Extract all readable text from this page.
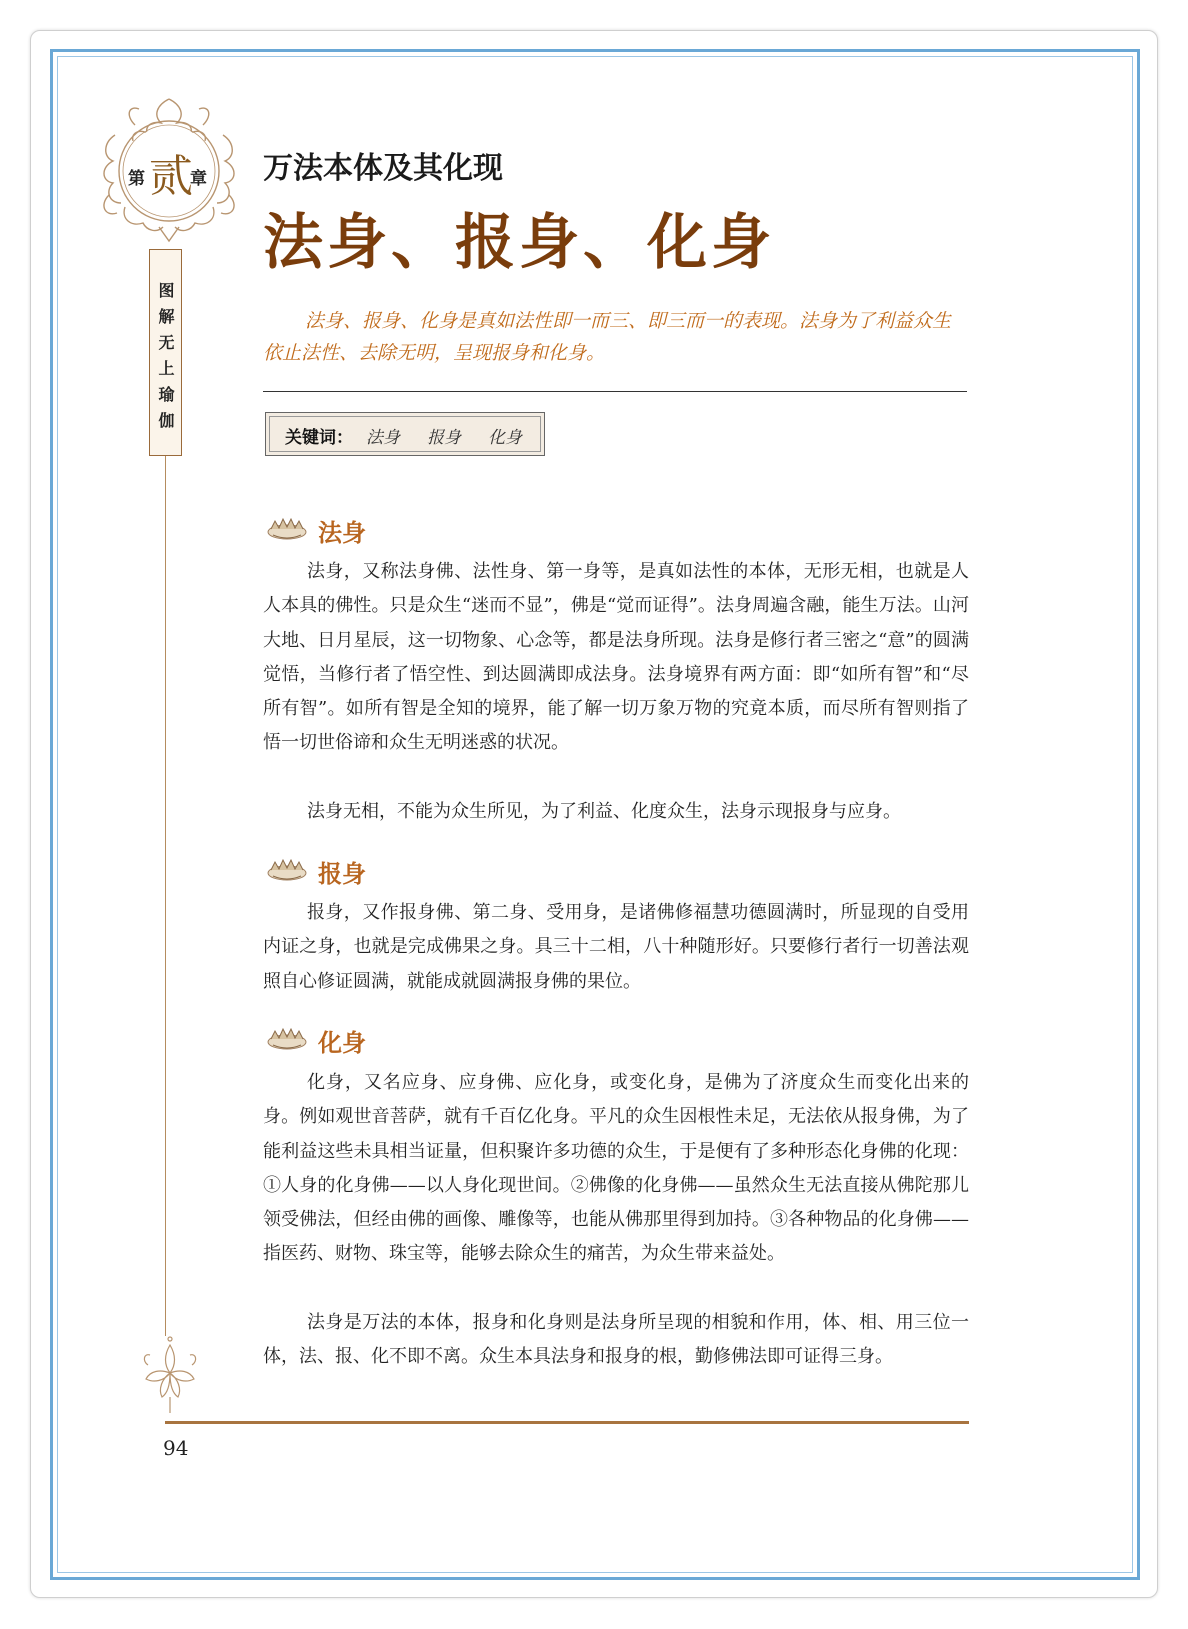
第 贰
章
图
解
无
上
瑜
伽
万法本体及其化现
法身、报身、化身
法身、报身、化身是真如法性即一而三、即三而一的表现。法身为了利益众生依止法性、去除无明，呈现报身和化身。
关键词： 法身 报身 化身
法身
法身，又称法身佛、法性身、第一身等，是真如法性的本体，无形无相，也就是人人本具的佛性。只是众生“迷而不显”，佛是“觉而证得”。法身周遍含融，能生万法。山河大地、日月星辰，这一切物象、心念等，都是法身所现。法身是修行者三密之“意”的圆满觉悟，当修行者了悟空性、到达圆满即成法身。法身境界有两方面：即“如所有智”和“尽所有智”。如所有智是全知的境界，能了解一切万象万物的究竟本质，而尽所有智则指了悟一切世俗谛和众生无明迷惑的状况。
法身无相，不能为众生所见，为了利益、化度众生，法身示现报身与应身。
报身
报身，又作报身佛、第二身、受用身，是诸佛修福慧功德圆满时，所显现的自受用内证之身，也就是完成佛果之身。具三十二相，八十种随形好。只要修行者行一切善法观照自心修证圆满，就能成就圆满报身佛的果位。
化身
化身，又名应身、应身佛、应化身，或变化身，是佛为了济度众生而变化出来的身。例如观世音菩萨，就有千百亿化身。平凡的众生因根性未足，无法依从报身佛，为了能利益这些未具相当证量，但积聚许多功德的众生，于是便有了多种形态化身佛的化现：①人身的化身佛——以人身化现世间。②佛像的化身佛——虽然众生无法直接从佛陀那儿领受佛法，但经由佛的画像、雕像等，也能从佛那里得到加持。③各种物品的化身佛——指医药、财物、珠宝等，能够去除众生的痛苦，为众生带来益处。
法身是万法的本体，报身和化身则是法身所呈现的相貌和作用，体、相、用三位一体，法、报、化不即不离。众生本具法身和报身的根，勤修佛法即可证得三身。
94
